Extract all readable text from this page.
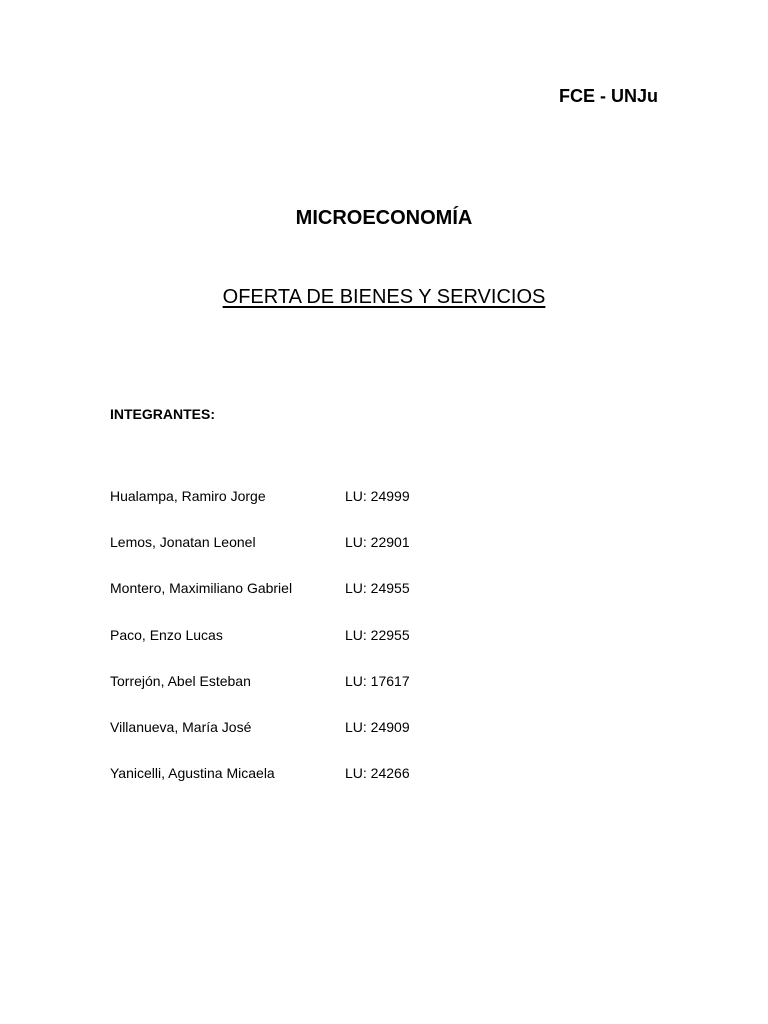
FCE - UNJu
MICROECONOMÍA
OFERTA DE BIENES Y SERVICIOS
INTEGRANTES:
Hualampa, Ramiro Jorge	LU: 24999
Lemos, Jonatan Leonel	LU: 22901
Montero, Maximiliano Gabriel	LU: 24955
Paco, Enzo Lucas	LU: 22955
Torrejón, Abel Esteban	LU: 17617
Villanueva, María José	LU: 24909
Yanicelli, Agustina Micaela	LU: 24266
